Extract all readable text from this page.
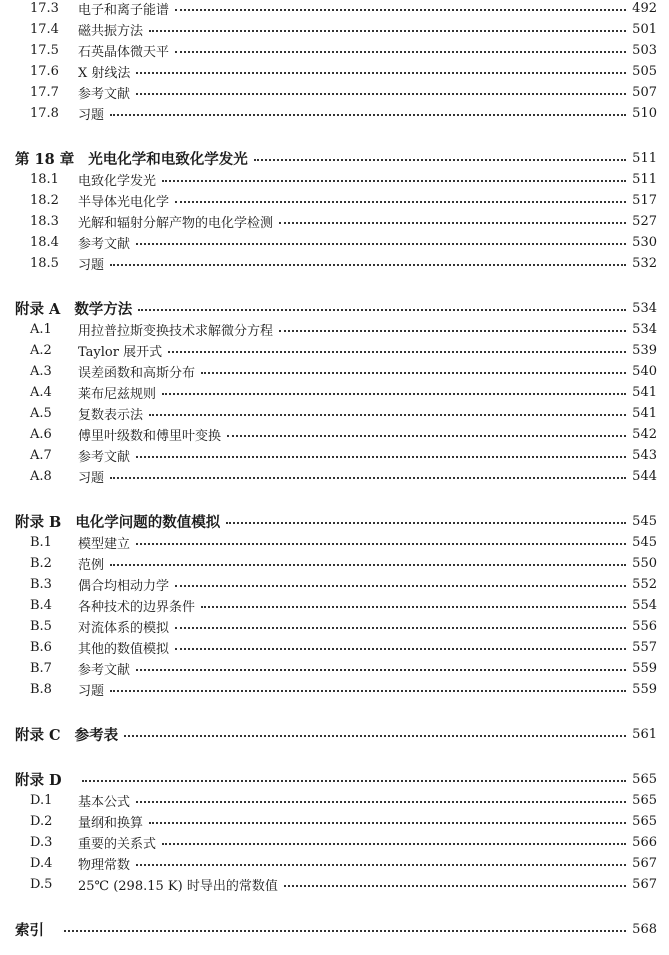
17.3	电子和离子能谱	492
17.4	磁共振方法	501
17.5	石英晶体微天平	503
17.6	X 射线法	505
17.7	参考文献	507
17.8	习题	510
第 18 章 光电化学和电致化学发光	511
18.1	电致化学发光	511
18.2	半导体光电化学	517
18.3	光解和辐射分解产物的电化学检测	527
18.4	参考文献	530
18.5	习题	532
附录 A 数学方法	534
A.1	用拉普拉斯变换技术求解微分方程	534
A.2	Taylor 展开式	539
A.3	误差函数和高斯分布	540
A.4	莱布尼兹规则	541
A.5	复数表示法	541
A.6	傅里叶级数和傅里叶变换	542
A.7	参考文献	543
A.8	习题	544
附录 B 电化学问题的数值模拟	545
B.1	模型建立	545
B.2	范例	550
B.3	偶合均相动力学	552
B.4	各种技术的边界条件	554
B.5	对流体系的模拟	556
B.6	其他的数值模拟	557
B.7	参考文献	559
B.8	习题	559
附录 C 参考表	561
附录 D	565
D.1	基本公式	565
D.2	量纲和换算	565
D.3	重要的关系式	566
D.4	物理常数	567
D.5	25℃ (298.15 K) 时导出的常数值	567
索引	568
